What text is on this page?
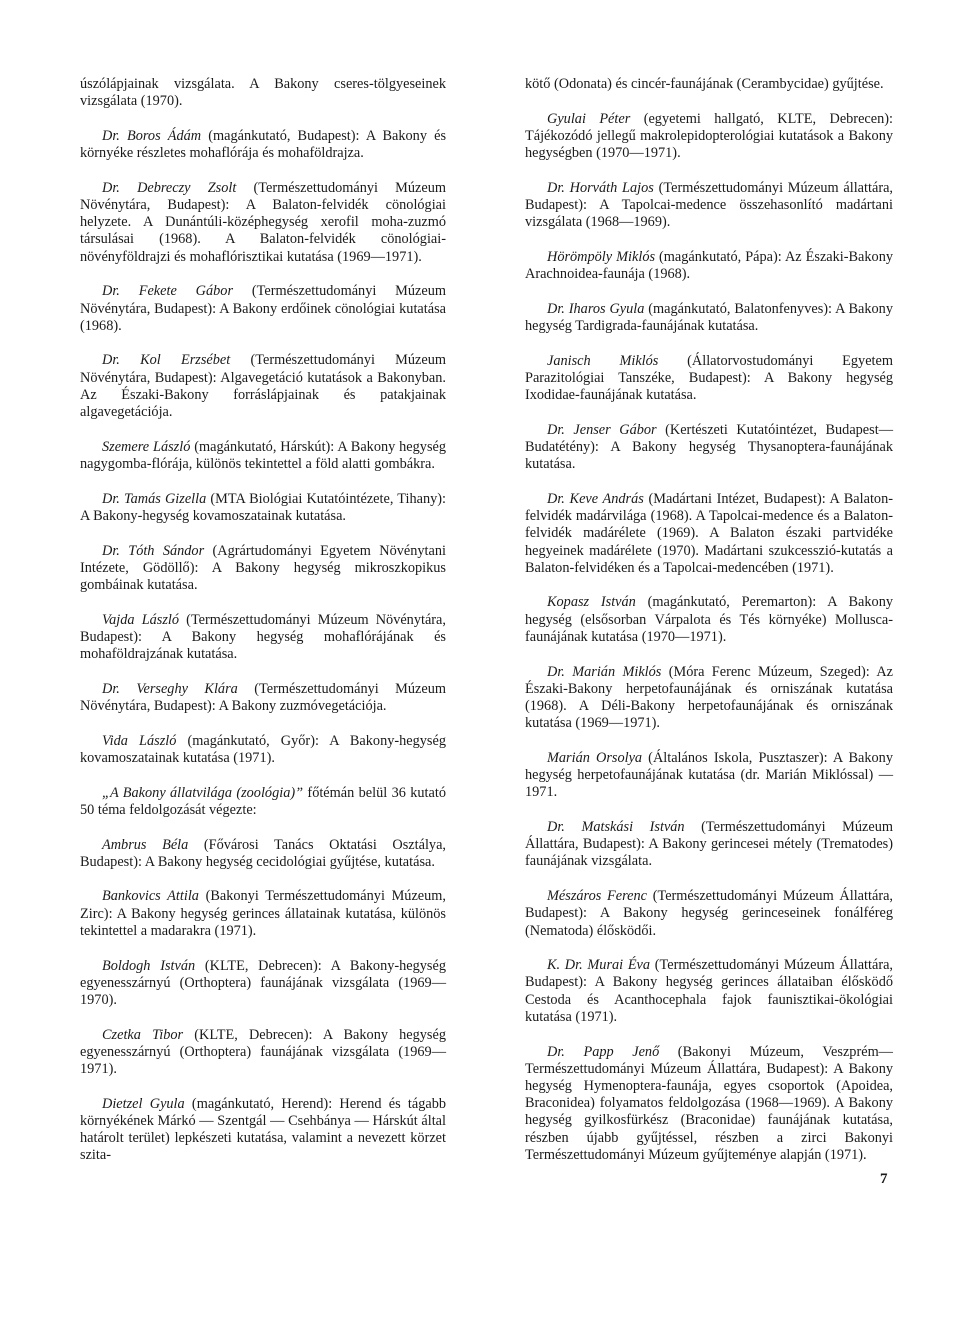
úszólápjainak vizsgálata. A Bakony cseres-tölgyeseinek vizsgálata (1970).

Dr. Boros Ádám (magánkutató, Budapest): A Bakony és környéke részletes mohaflórája és mohaföldrajza.

Dr. Debreczy Zsolt (Természettudományi Múzeum Növénytára, Budapest): A Balaton-felvidék cönológiai helyzete. A Dunántúli-középhegység xerofil moha-zuzmó társulásai (1968). A Balaton-felvidék cönológiai-növényföldrajzi és mohaflórisztikai kutatása (1969—1971).

Dr. Fekete Gábor (Természettudományi Múzeum Növénytára, Budapest): A Bakony erdőinek cönológiai kutatása (1968).

Dr. Kol Erzsébet (Természettudományi Múzeum Növénytára, Budapest): Algavegetáció kutatások a Bakonyban. Az Északi-Bakony forráslápjainak és patakjainak algavegetációja.

Szemere László (magánkutató, Hárskút): A Bakony hegység nagygomba-flórája, különös tekintettel a föld alatti gombákra.

Dr. Tamás Gizella (MTA Biológiai Kutatóintézete, Tihany): A Bakony-hegység kovamoszatainak kutatása.

Dr. Tóth Sándor (Agrártudományi Egyetem Növénytani Intézete, Gödöllő): A Bakony hegység mikroszkopikus gombáinak kutatása.

Vajda László (Természettudományi Múzeum Növénytára, Budapest): A Bakony hegység mohaflórájának és mohaföldrajzának kutatása.

Dr. Verseghy Klára (Természettudományi Múzeum Növénytára, Budapest): A Bakony zuzmóvegetációja.

Vida László (magánkutató, Győr): A Bakony-hegység kovamoszatainak kutatása (1971).

„A Bakony állatvilága (zoológia)” főtémán belül 36 kutató 50 téma feldolgozását végezte:

Ambrus Béla (Fővárosi Tanács Oktatási Osztálya, Budapest): A Bakony hegység cecidológiai gyűjtése, kutatása.

Bankovics Attila (Bakonyi Természettudományi Múzeum, Zirc): A Bakony hegység gerinces állatainak kutatása, különös tekintettel a madarakra (1971).

Boldogh István (KLTE, Debrecen): A Bakony-hegység egyenesszárnyú (Orthoptera) faunájának vizsgálata (1969—1970).

Czetka Tibor (KLTE, Debrecen): A Bakony hegység egyenesszárnyú (Orthoptera) faunájának vizsgálata (1969—1971).

Dietzel Gyula (magánkutató, Herend): Herend és tágabb környékének Márkó — Szentgál — Csehbánya — Hárskút által határolt terület) lepkészeti kutatása, valamint a nevezett körzet szita-

kötő (Odonata) és cincér-faunájának (Cerambycidae) gyűjtése.

Gyulai Péter (egyetemi hallgató, KLTE, Debrecen): Tájékozódó jellegű makrolepidopterológiai kutatások a Bakony hegységben (1970—1971).

Dr. Horváth Lajos (Természettudományi Múzeum állattára, Budapest): A Tapolcai-medence összehasonlító madártani vizsgálata (1968—1969).

Hörömpöly Miklós (magánkutató, Pápa): Az Északi-Bakony Arachnoidea-faunája (1968).

Dr. Iharos Gyula (magánkutató, Balatonfenyves): A Bakony hegység Tardigrada-faunájának kutatása.

Janisch Miklós (Állatorvostudományi Egyetem Parazitológiai Tanszéke, Budapest): A Bakony hegység Ixodidae-faunájának kutatása.

Dr. Jenser Gábor (Kertészeti Kutatóintézet, Budapest—Budatétény): A Bakony hegység Thysanoptera-faunájának kutatása.

Dr. Keve András (Madártani Intézet, Budapest): A Balaton-felvidék madárvilága (1968). A Tapolcai-medence és a Balaton-felvidék madárélete (1969). A Balaton északi partvidéke hegyeinek madárélete (1970). Madártani szukcesszió-kutatás a Balaton-felvidéken és a Tapolcai-medencében (1971).

Kopasz István (magánkutató, Peremarton): A Bakony hegység (elsősorban Várpalota és Tés környéke) Mollusca-faunájának kutatása (1970—1971).

Dr. Marián Miklós (Móra Ferenc Múzeum, Szeged): Az Északi-Bakony herpetofaunájának és orniszának kutatása (1968). A Déli-Bakony herpetofaunájának és orniszának kutatása (1969—1971).

Marián Orsolya (Általános Iskola, Pusztaszer): A Bakony hegység herpetofaunájának kutatása (dr. Marián Miklóssal) — 1971.

Dr. Matskási István (Természettudományi Múzeum Állattára, Budapest): A Bakony gerincesei métely (Trematodes) faunájának vizsgálata.

Mészáros Ferenc (Természettudományi Múzeum Állattára, Budapest): A Bakony hegység gerinceseinek fonálféreg (Nematoda) élősködői.

K. Dr. Murai Éva (Természettudományi Múzeum Állattára, Budapest): A Bakony hegység gerinces állataiban élősködő Cestoda és Acanthocephala fajok faunisztikai-ökológiai kutatása (1971).

Dr. Papp Jenő (Bakonyi Múzeum, Veszprém—Természettudományi Múzeum Állattára, Budapest): A Bakony hegység Hymenoptera-faunája, egyes csoportok (Apoidea, Braconidea) folyamatos feldolgozása (1968—1969). A Bakony hegység gyilkosfürkész (Braconidae) faunájának kutatása, részben újabb gyűjtéssel, részben a zirci Bakonyi Természettudományi Múzeum gyűjteménye alapján (1971).

7
